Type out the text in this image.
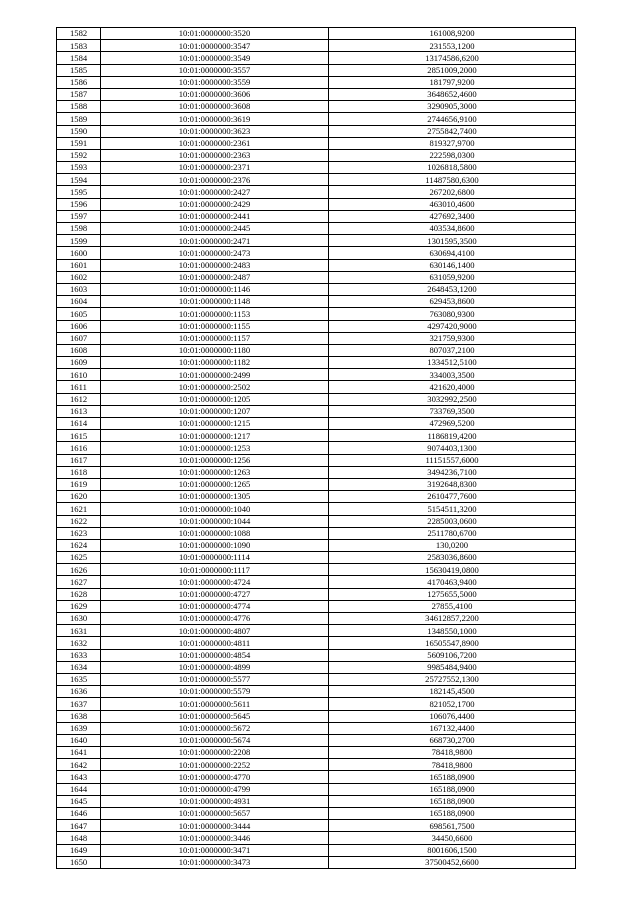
1582	10:01:0000000:3520	161008,9200
1583	10:01:0000000:3547	231553,1200
1584	10:01:0000000:3549	13174586,6200
1585	10:01:0000000:3557	2851009,2000
1586	10:01:0000000:3559	181797,9200
1587	10:01:0000000:3606	3648652,4600
1588	10:01:0000000:3608	3290905,3000
1589	10:01:0000000:3619	2744656,9100
1590	10:01:0000000:3623	2755842,7400
1591	10:01:0000000:2361	819327,9700
1592	10:01:0000000:2363	222598,0300
1593	10:01:0000000:2371	1026818,5800
1594	10:01:0000000:2376	11487580,6300
1595	10:01:0000000:2427	267202,6800
1596	10:01:0000000:2429	463010,4600
1597	10:01:0000000:2441	427692,3400
1598	10:01:0000000:2445	403534,8600
1599	10:01:0000000:2471	1301595,3500
1600	10:01:0000000:2473	630694,4100
1601	10:01:0000000:2483	630146,1400
1602	10:01:0000000:2487	631059,9200
1603	10:01:0000000:1146	2648453,1200
1604	10:01:0000000:1148	629453,8600
1605	10:01:0000000:1153	763080,9300
1606	10:01:0000000:1155	4297420,9000
1607	10:01:0000000:1157	321759,9300
1608	10:01:0000000:1180	807037,2100
1609	10:01:0000000:1182	1334512,5100
1610	10:01:0000000:2499	334003,3500
1611	10:01:0000000:2502	421620,4000
1612	10:01:0000000:1205	3032992,2500
1613	10:01:0000000:1207	733769,3500
1614	10:01:0000000:1215	472969,5200
1615	10:01:0000000:1217	1186819,4200
1616	10:01:0000000:1253	9074403,1300
1617	10:01:0000000:1256	11151557,6000
1618	10:01:0000000:1263	3494236,7100
1619	10:01:0000000:1265	3192648,8300
1620	10:01:0000000:1305	2610477,7600
1621	10:01:0000000:1040	5154511,3200
1622	10:01:0000000:1044	2285003,0600
1623	10:01:0000000:1088	2511780,6700
1624	10:01:0000000:1090	130,0200
1625	10:01:0000000:1114	2583036,8600
1626	10:01:0000000:1117	15630419,0800
1627	10:01:0000000:4724	4170463,9400
1628	10:01:0000000:4727	1275655,5000
1629	10:01:0000000:4774	27855,4100
1630	10:01:0000000:4776	34612857,2200
1631	10:01:0000000:4807	1348550,1000
1632	10:01:0000000:4811	16505547,8900
1633	10:01:0000000:4854	5609106,7200
1634	10:01:0000000:4899	9985484,9400
1635	10:01:0000000:5577	25727552,1300
1636	10:01:0000000:5579	182145,4500
1637	10:01:0000000:5611	821052,1700
1638	10:01:0000000:5645	106076,4400
1639	10:01:0000000:5672	167132,4400
1640	10:01:0000000:5674	668730,2700
1641	10:01:0000000:2208	78418,9800
1642	10:01:0000000:2252	78418,9800
1643	10:01:0000000:4770	165188,0900
1644	10:01:0000000:4799	165188,0900
1645	10:01:0000000:4931	165188,0900
1646	10:01:0000000:5657	165188,0900
1647	10:01:0000000:3444	698561,7500
1648	10:01:0000000:3446	34450,6600
1649	10:01:0000000:3471	8001606,1500
1650	10:01:0000000:3473	37500452,6600
